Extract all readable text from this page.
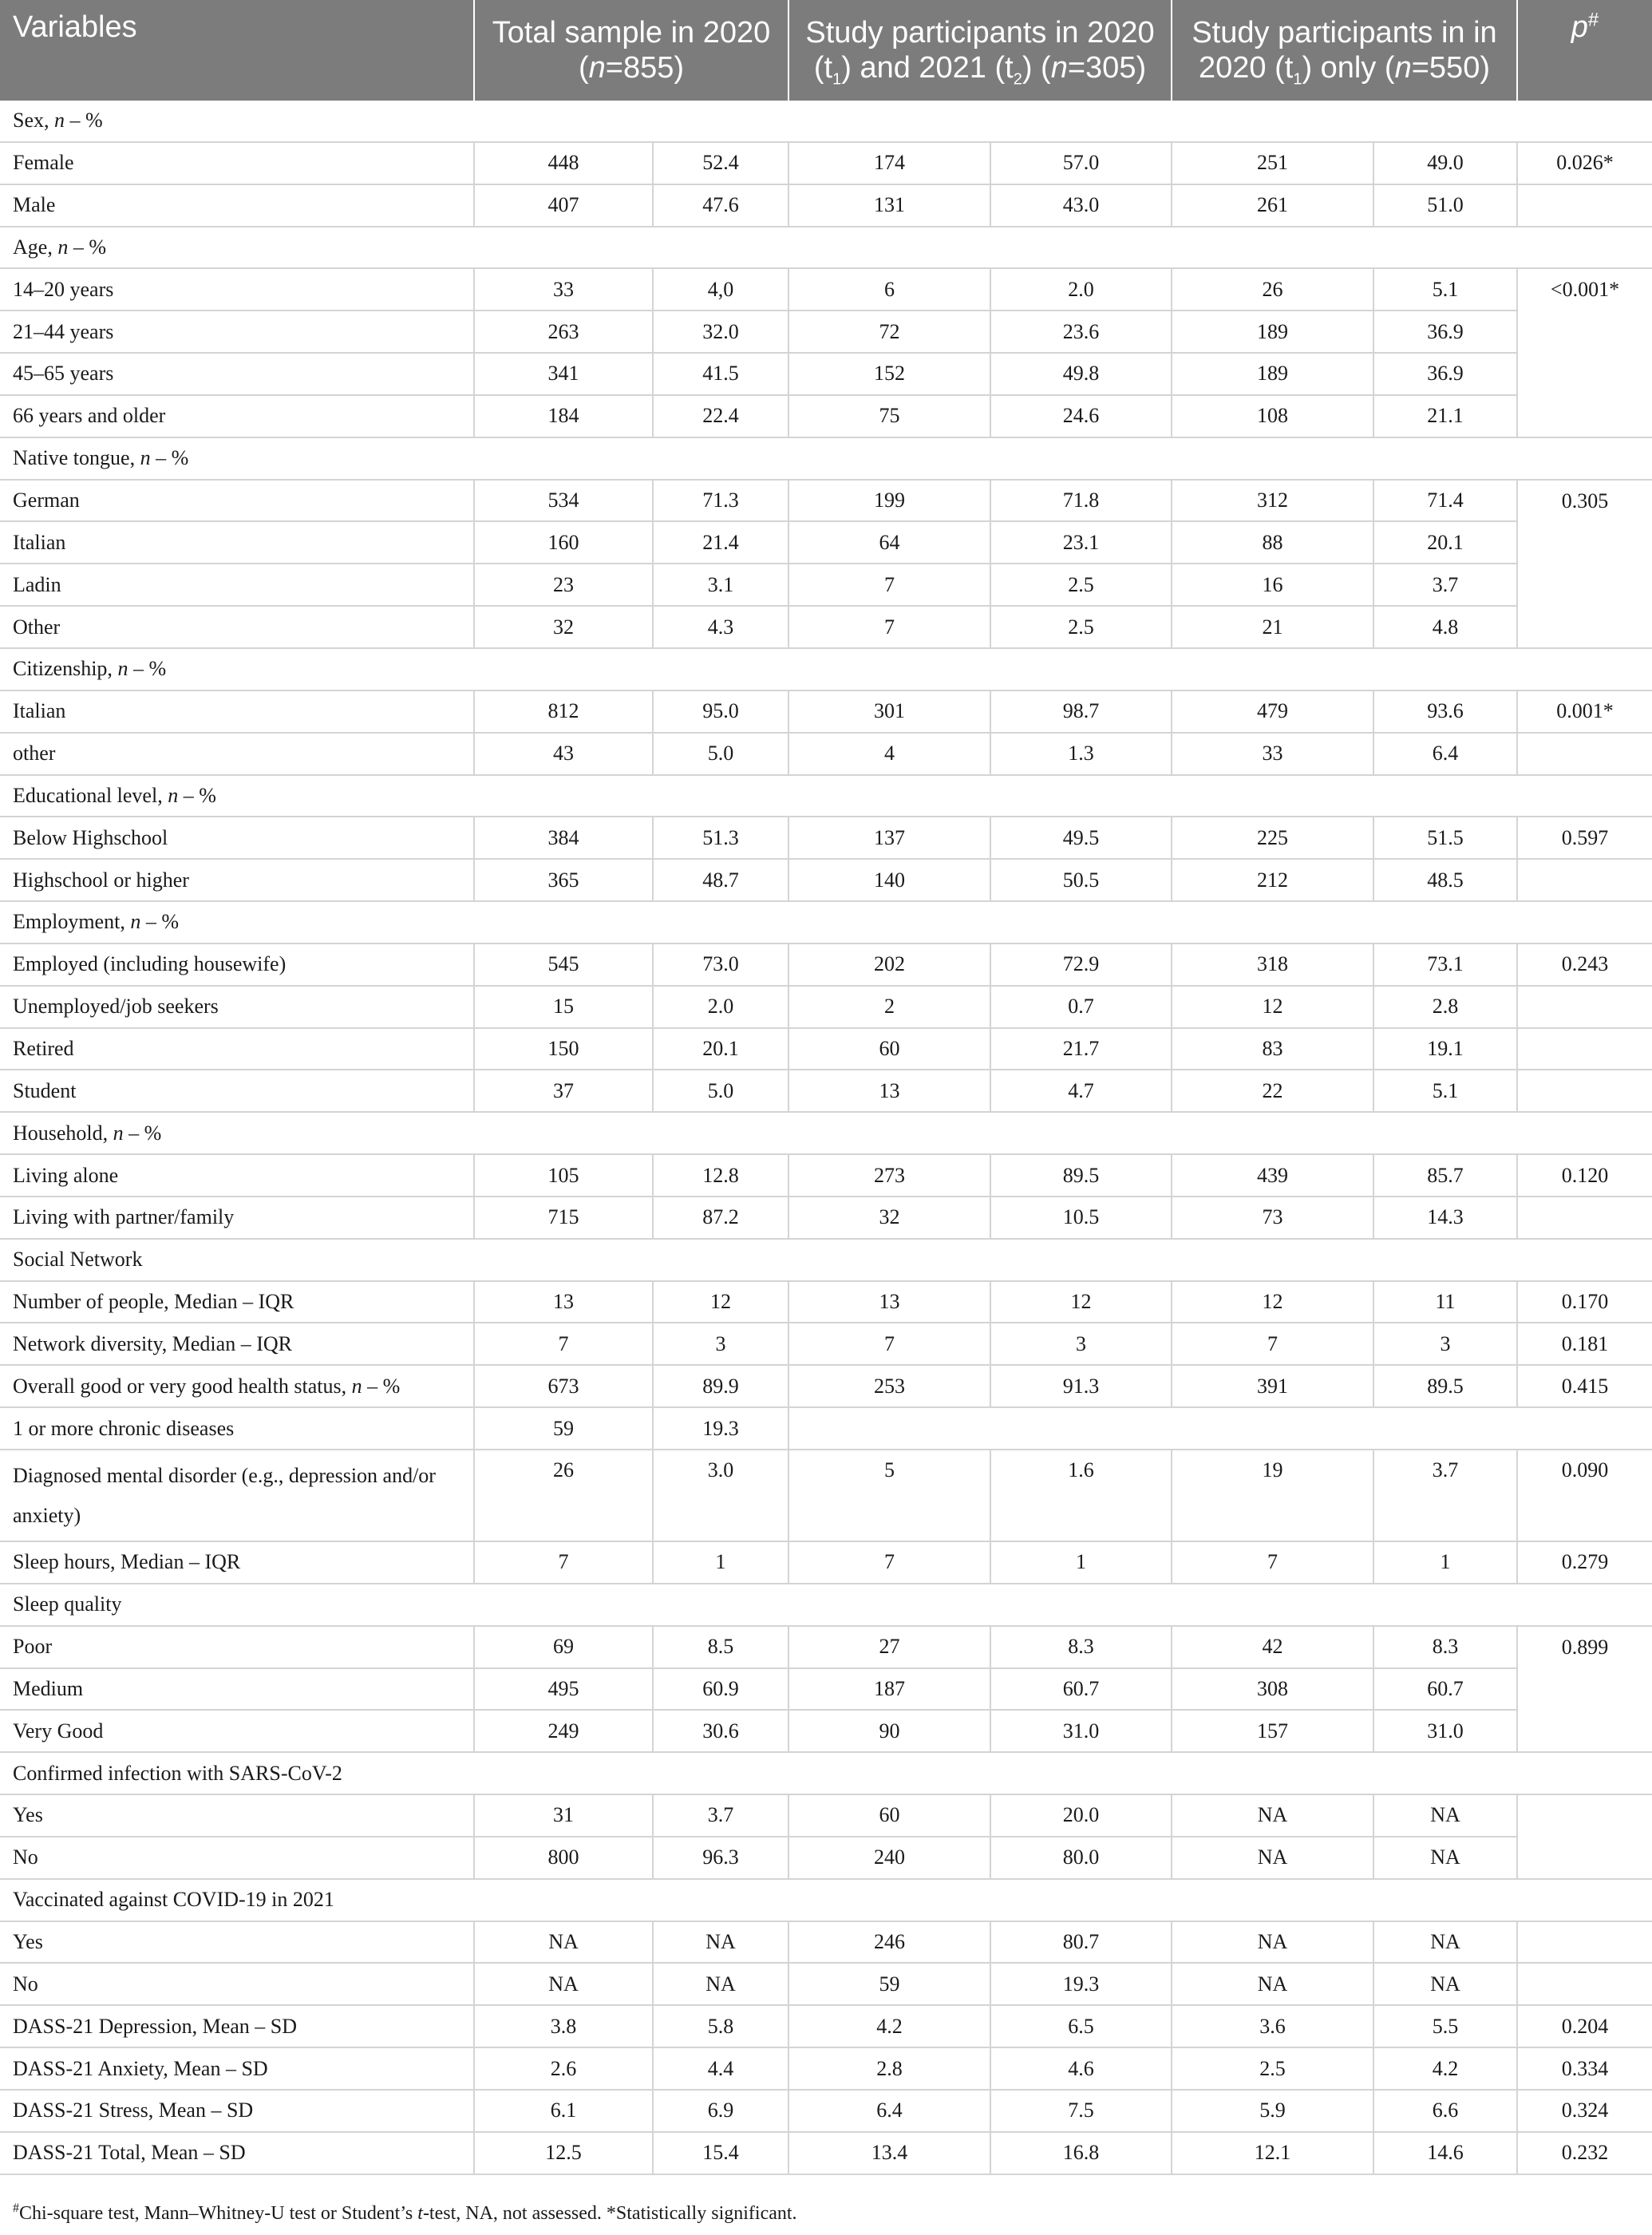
Variables	Total sample in 2020 (n=855)		Study participants in 2020 $(t_1)$ and 2021 $(t_2)$ (n=305)		Study participants in in 2020 $(t_1)$ only (n=550)		p#
Sex, n – %							
Female	448	52.4	174	57.0	251	49.0	0.026*
Male	407	47.6	131	43.0	261	51.0	
Age, n – %							
14–20 years	33	4,0	6	2.0	26	5.1	<0.001*
21–44 years	263	32.0	72	23.6	189	36.9	
45–65 years	341	41.5	152	49.8	189	36.9	
66 years and older	184	22.4	75	24.6	108	21.1	
Native tongue, n – %							
German	534	71.3	199	71.8	312	71.4	0.305
Italian	160	21.4	64	23.1	88	20.1	
Ladin	23	3.1	7	2.5	16	3.7	
Other	32	4.3	7	2.5	21	4.8	
Citizenship, n – %							
Italian	812	95.0	301	98.7	479	93.6	0.001*
other	43	5.0	4	1.3	33	6.4	
Educational level, n – %							
Below Highschool	384	51.3	137	49.5	225	51.5	0.597
Highschool or higher	365	48.7	140	50.5	212	48.5	
Employment, n – %							
Employed (including housewife)	545	73.0	202	72.9	318	73.1	0.243
Unemployed/job seekers	15	2.0	2	0.7	12	2.8	
Retired	150	20.1	60	21.7	83	19.1	
Student	37	5.0	13	4.7	22	5.1	
Household, n – %							
Living alone	105	12.8	273	89.5	439	85.7	0.120
Living with partner/family	715	87.2	32	10.5	73	14.3	
Social Network							
Number of people, Median – IQR	13	12	13	12	12	11	0.170
Network diversity, Median – IQR	7	3	7	3	7	3	0.181
Overall good or very good health status, n – %	673	89.9	253	91.3	391	89.5	0.415
1 or more chronic diseases	59	19.3					
Diagnosed mental disorder (e.g., depression and/or anxiety)	26	3.0	5	1.6	19	3.7	0.090
Sleep hours, Median – IQR	7	1	7	1	7	1	0.279
Sleep quality							
Poor	69	8.5	27	8.3	42	8.3	0.899
Medium	495	60.9	187	60.7	308	60.7	
Very Good	249	30.6	90	31.0	157	31.0	
Confirmed infection with SARS-CoV-2							
Yes	31	3.7	60	20.0	NA	NA	
No	800	96.3	240	80.0	NA	NA	
Vaccinated against COVID-19 in 2021							
Yes	NA	NA	246	80.7	NA	NA	
No	NA	NA	59	19.3	NA	NA	
DASS-21 Depression, Mean – SD	3.8	5.8	4.2	6.5	3.6	5.5	0.204
DASS-21 Anxiety, Mean – SD	2.6	4.4	2.8	4.6	2.5	4.2	0.334
DASS-21 Stress, Mean – SD	6.1	6.9	6.4	7.5	5.9	6.6	0.324
DASS-21 Total, Mean – SD	12.5	15.4	13.4	16.8	12.1	14.6	0.232
#Chi-square test, Mann–Whitney-U test or Student’s t-test, NA, not assessed. *Statistically significant.
